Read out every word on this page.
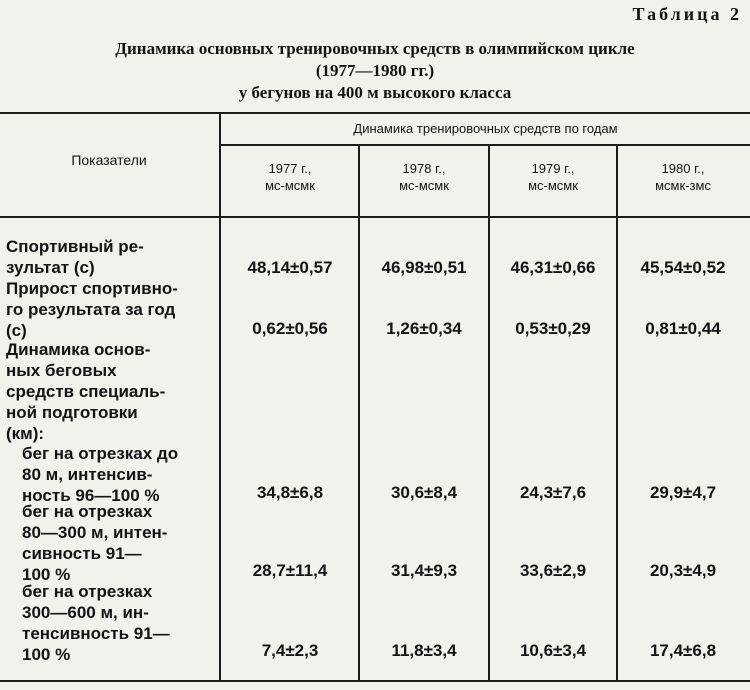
Таблица 2
Динамика основных тренировочных средств в олимпийском цикле
(1977—1980 гг.)
у бегунов на 400 м высокого класса
Показатели
Динамика тренировочных средств по годам
1977 г.,
мс-мсмк
1978 г.,
мс-мсмк
1979 г.,
мс-мсмк
1980 г.,
мсмк-змс
Спортивный ре-
зультат (с)	48,14±0,57	46,98±0,51	46,31±0,66	45,54±0,52
Прирост спортивно-
го результата за год
(с)	0,62±0,56	1,26±0,34	0,53±0,29	0,81±0,44
Динамика основ-
ных беговых
средств специаль-
ной подготовки
(км):
бег на отрезках до
80 м, интенсив-
ность 96—100 %	34,8±6,8	30,6±8,4	24,3±7,6	29,9±4,7
бег на отрезках
80—300 м, интен-
сивность 91—
100 %	28,7±11,4	31,4±9,3	33,6±2,9	20,3±4,9
бег на отрезках
300—600 м, ин-
тенсивность 91—
100 %	7,4±2,3	11,8±3,4	10,6±3,4	17,4±6,8
